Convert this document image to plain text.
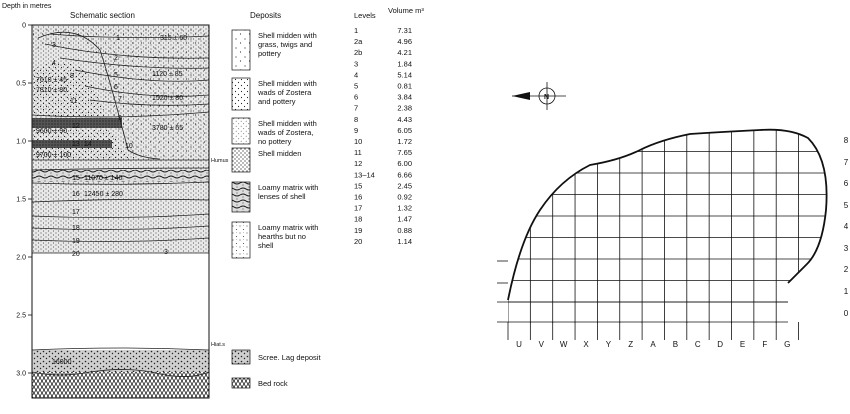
Depth in metres
Schematic section
0
0.5
1.0
1.5
2.0
2.5
3.0
1
2
3
4
5
6
7
8
9
10
11
12
13 14
15
16
17
18
19
20	3
315 ± 60
1120 ± 85
1520 ± 80
3780 ± 65
7610 ± 45
7810 ± 80
9600 ± 90
9700 ± 100
11070 ± 140
12450 ± 280
16000
Humus
Hiat.s
Deposits
Shell midden with grass, twigs and pottery
Shell midden with wads of Zostera and pottery
Shell midden with wads of Zostera, no pottery
Shell midden
Loamy matrix with lenses of shell
Loamy matrix with hearths but no shell
Scree. Lag deposit
Bed rock
Levels
Volume m³
1	7.31
2a	4.96
2b	4.21
3	1.84
4	5.14
5	0.81
6	3.84
7	2.38
8	4.43
9	6.05
10	1.72
11	7.65
12	6.00
13–14	6.66
15	2.45
16	0.92
17	1.32
18	1.47
19	0.88
20	1.14
N
U V W X Y Z A B C D E F G
0
1
2
3
4
5
6
7
8
